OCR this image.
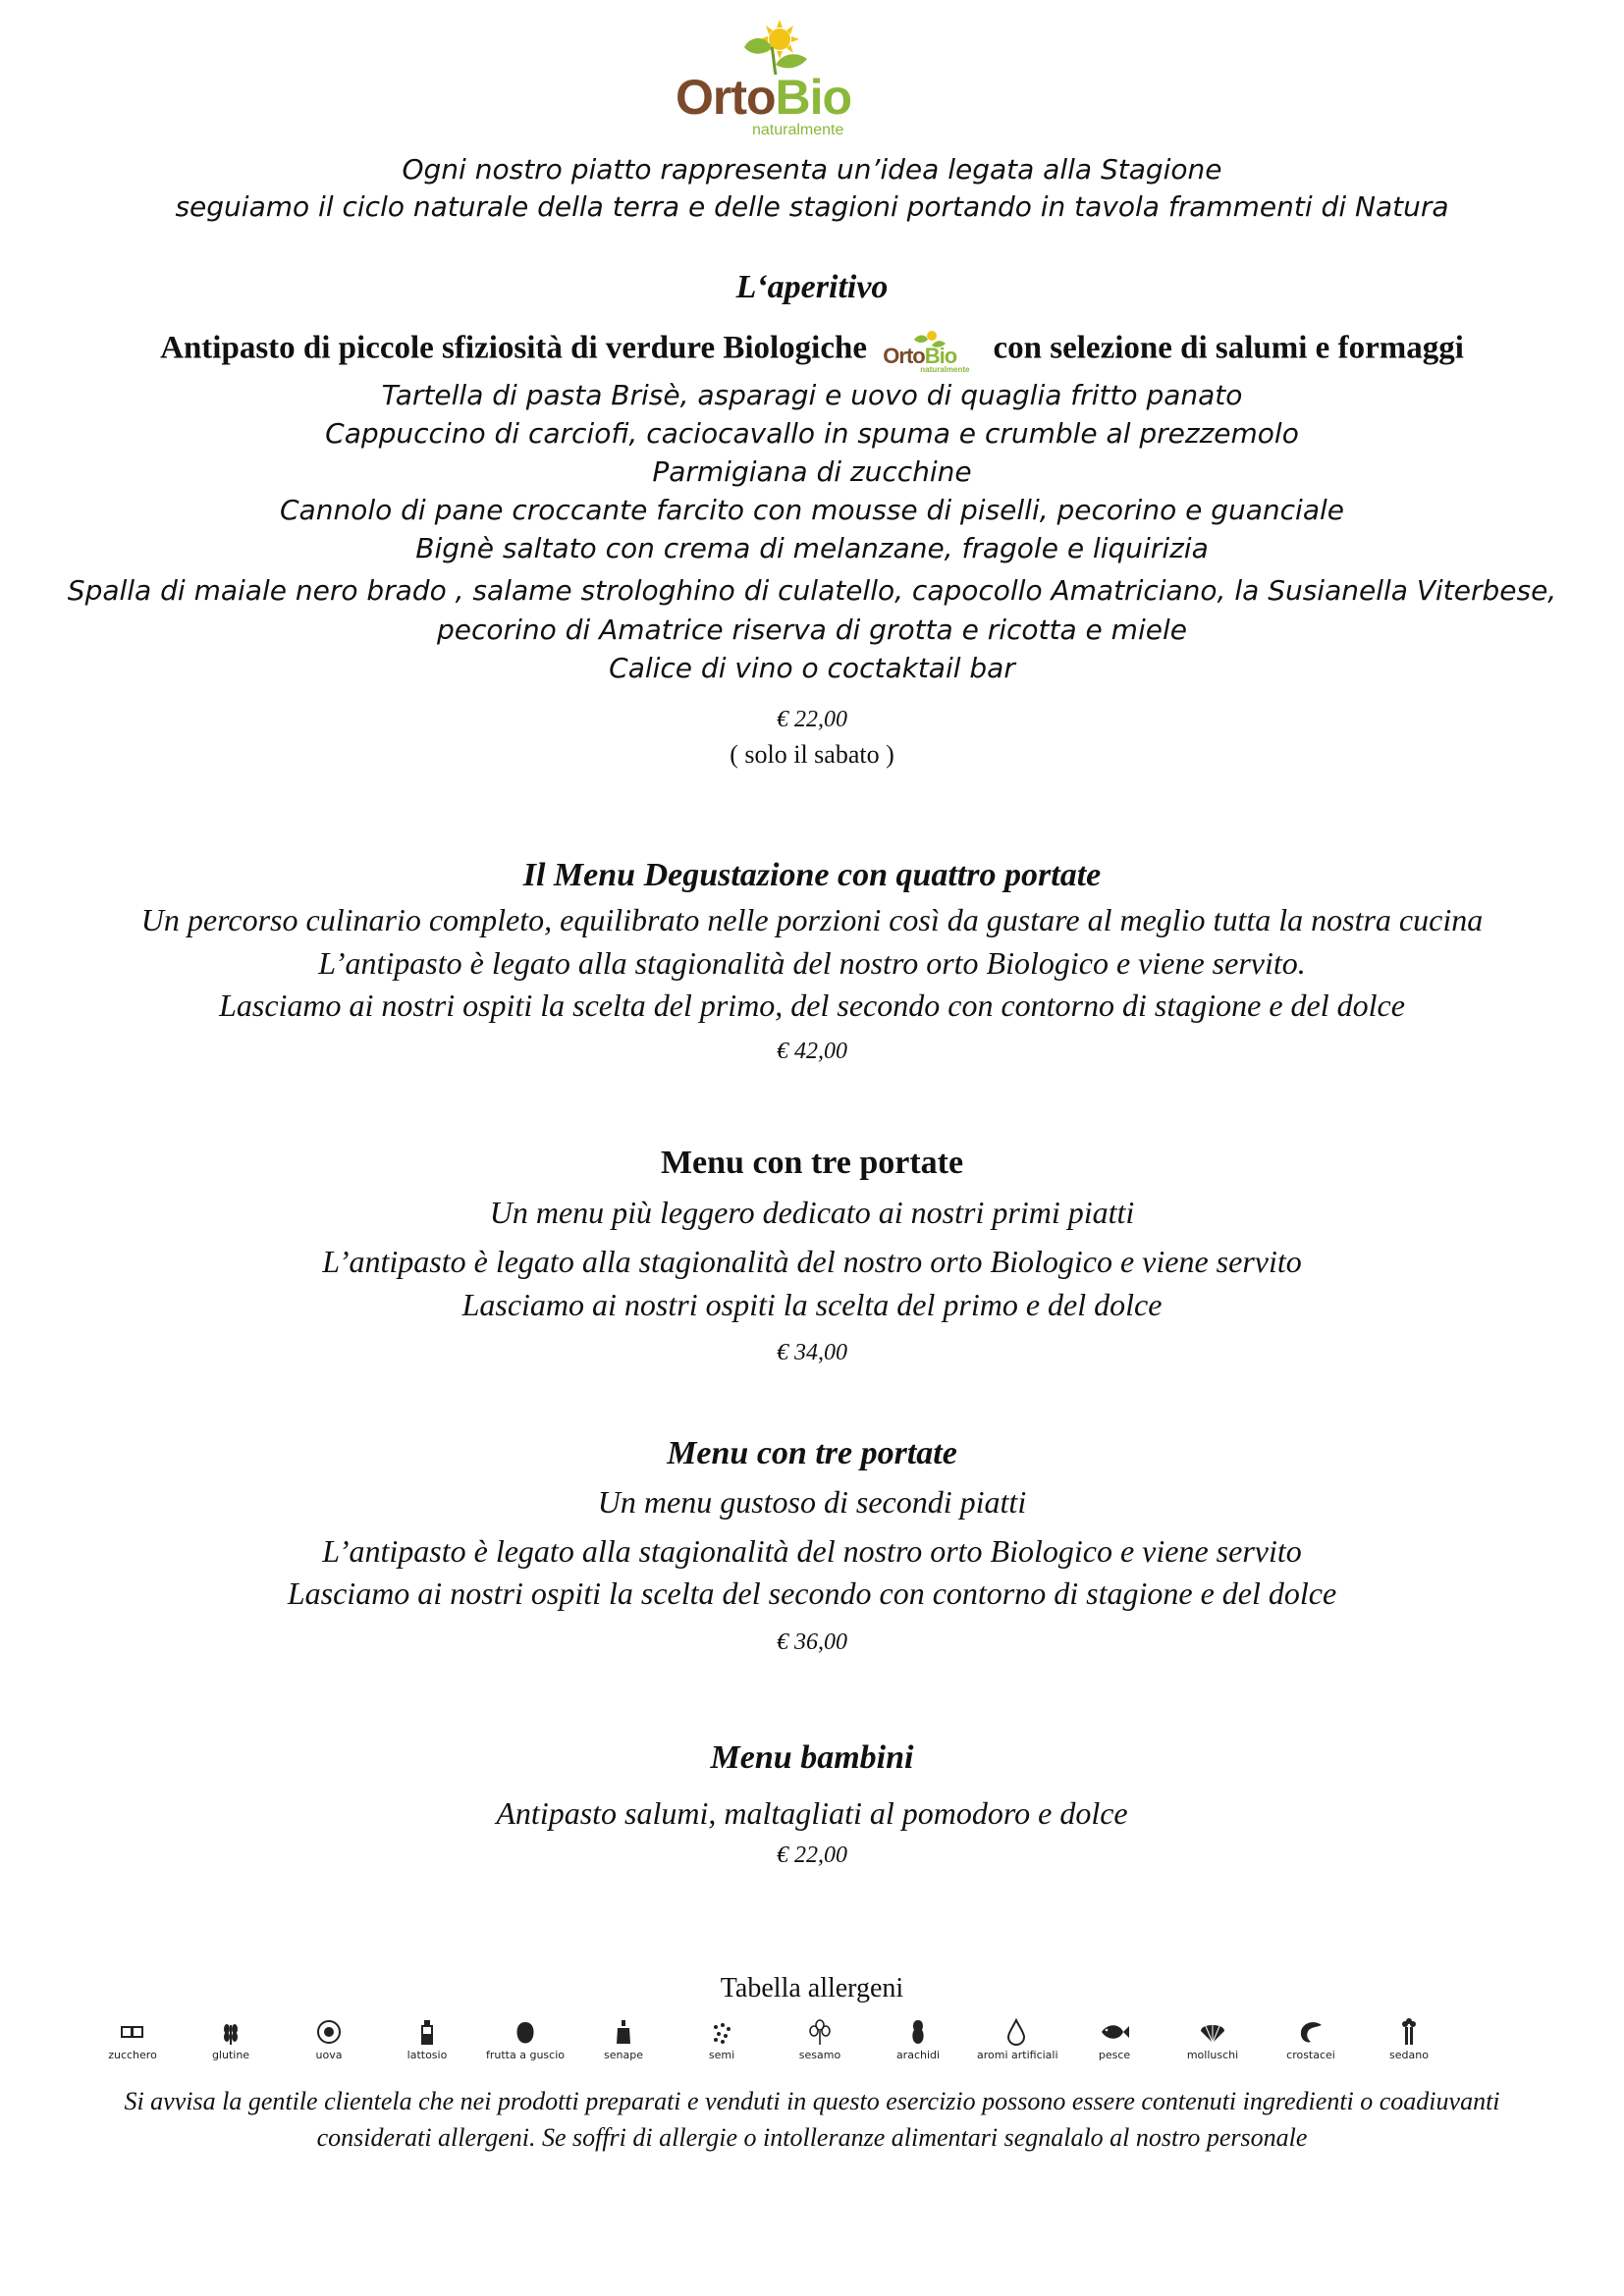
OrtoBio
naturalmente
Ogni nostro piatto rappresenta un’idea legata alla Stagione
seguiamo il ciclo naturale della terra e delle stagioni portando in tavola frammenti di Natura
L‘aperitivo
Antipasto di piccole sfiziosità di verdure Biologiche OrtoBio
naturalmente
con selezione di salumi e formaggi
Tartella di pasta Brisè, asparagi e uovo di quaglia fritto panato
Cappuccino di carciofi, caciocavallo in spuma e crumble al prezzemolo
Parmigiana di zucchine
Cannolo di pane croccante farcito con mousse di piselli, pecorino e guanciale
Bignè saltato con crema di melanzane, fragole e liquirizia
Spalla di maiale nero brado , salame strologhino di culatello, capocollo Amatriciano, la Susianella Viterbese,
pecorino di Amatrice riserva di grotta e ricotta e miele
Calice di vino o coctaktail bar
€ 22,00
( solo il sabato )
Il Menu Degustazione con quattro portate
Un percorso culinario completo, equilibrato nelle porzioni così da gustare al meglio tutta la nostra cucina
L’antipasto è legato alla stagionalità del nostro orto Biologico e viene servito.
Lasciamo ai nostri ospiti la scelta del primo, del secondo con contorno di stagione e del dolce
€ 42,00
Menu con tre portate
Un menu più leggero dedicato ai nostri primi piatti
L’antipasto è legato alla stagionalità del nostro orto Biologico e viene servito
Lasciamo ai nostri ospiti la scelta del primo e del dolce
€ 34,00
Menu con tre portate
Un menu gustoso di secondi piatti
L’antipasto è legato alla stagionalità del nostro orto Biologico e viene servito
Lasciamo ai nostri ospiti la scelta del secondo con contorno di stagione e del dolce
€ 36,00
Menu bambini
Antipasto salumi, maltagliati al pomodoro e dolce
€ 22,00
Tabella allergeni
zucchero	glutine	uova	lattosio	frutta a guscio	senape	semi	sesamo	arachidi	aromi artificiali	pesce	molluschi	crostacei	sedano
Si avvisa la gentile clientela che nei prodotti preparati e venduti in questo esercizio possono essere contenuti ingredienti o coadiuvanti
considerati allergeni. Se soffri di allergie o intolleranze alimentari segnalalo al nostro personale
